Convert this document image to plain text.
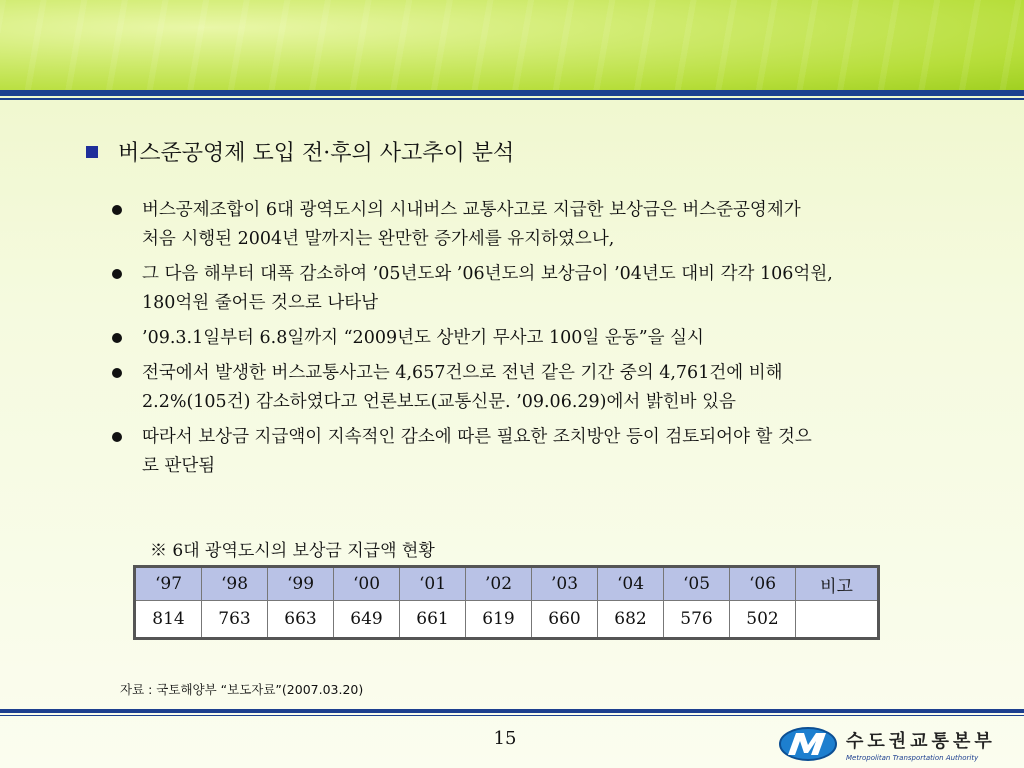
버스준공영제 도입 전·후의 사고추이 분석
버스공제조합이 6대 광역도시의 시내버스 교통사고로 지급한 보상금은 버스준공영제가
처음 시행된 2004년 말까지는 완만한 증가세를 유지하였으나,
그 다음 해부터 대폭 감소하여 ’05년도와 ’06년도의 보상금이 ’04년도 대비 각각 106억원,
180억원 줄어든 것으로 나타남
’09.3.1일부터 6.8일까지 “2009년도 상반기 무사고 100일 운동”을 실시
전국에서 발생한 버스교통사고는 4,657건으로 전년 같은 기간 중의 4,761건에 비해
2.2%(105건) 감소하였다고 언론보도(교통신문. ’09.06.29)에서 밝힌바 있음
따라서 보상금 지급액이 지속적인 감소에 따른 필요한 조치방안 등이 검토되어야 할 것으
로 판단됨
※ 6대 광역도시의 보상금 지급액 현황
‘97	‘98	‘99	‘00	‘01	’02	’03	‘04	‘05	‘06	비고
814	763	663	649	661	619	660	682	576	502	
자료 : 국토해양부 “보도자료”(2007.03.20)
15	수도권교통본부
Metropolitan Transportation Authority
